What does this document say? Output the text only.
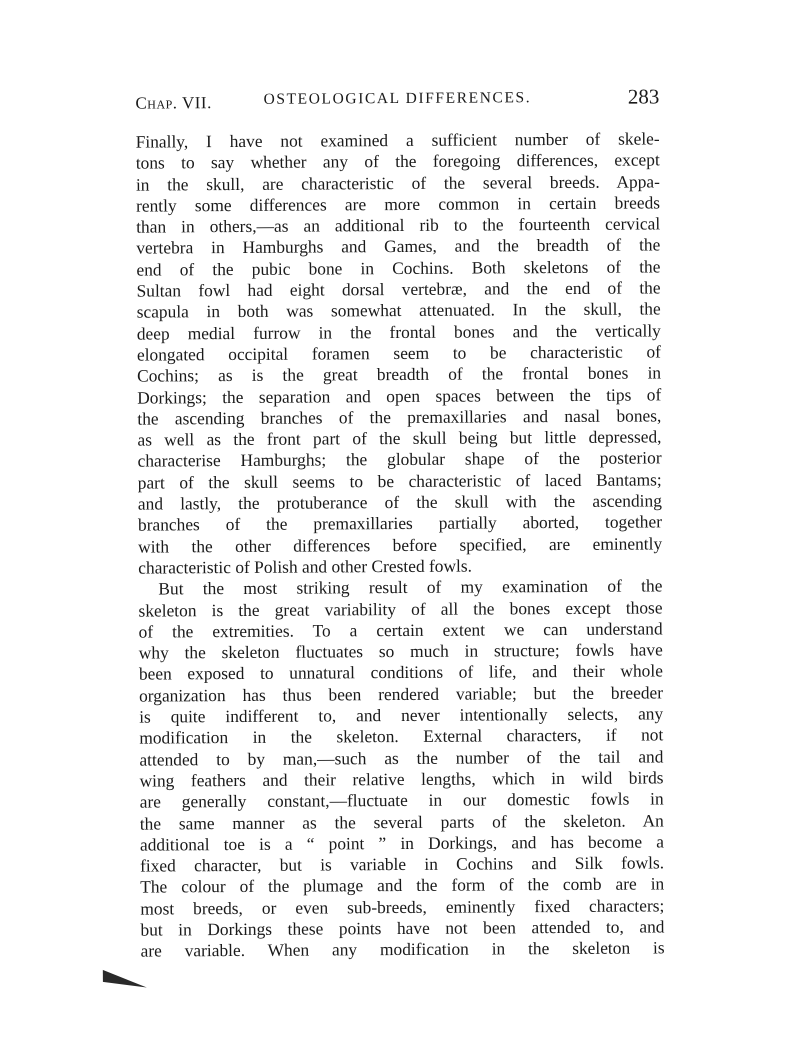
Chap. VII.	OSTEOLOGICAL DIFFERENCES.	283
Finally, I have not examined a sufficient number of skele-
tons to say whether any of the foregoing differences, except
in the skull, are characteristic of the several breeds. Appa-
rently some differences are more common in certain breeds
than in others,—as an additional rib to the fourteenth cervical
vertebra in Hamburghs and Games, and the breadth of the
end of the pubic bone in Cochins. Both skeletons of the
Sultan fowl had eight dorsal vertebræ, and the end of the
scapula in both was somewhat attenuated. In the skull, the
deep medial furrow in the frontal bones and the vertically
elongated occipital foramen seem to be characteristic of
Cochins; as is the great breadth of the frontal bones in
Dorkings; the separation and open spaces between the tips of
the ascending branches of the premaxillaries and nasal bones,
as well as the front part of the skull being but little depressed,
characterise Hamburghs; the globular shape of the posterior
part of the skull seems to be characteristic of laced Bantams;
and lastly, the protuberance of the skull with the ascending
branches of the premaxillaries partially aborted, together
with the other differences before specified, are eminently
characteristic of Polish and other Crested fowls.
But the most striking result of my examination of the
skeleton is the great variability of all the bones except those
of the extremities. To a certain extent we can understand
why the skeleton fluctuates so much in structure; fowls have
been exposed to unnatural conditions of life, and their whole
organization has thus been rendered variable; but the breeder
is quite indifferent to, and never intentionally selects, any
modification in the skeleton. External characters, if not
attended to by man,—such as the number of the tail and
wing feathers and their relative lengths, which in wild birds
are generally constant,—fluctuate in our domestic fowls in
the same manner as the several parts of the skeleton. An
additional toe is a “ point ” in Dorkings, and has become a
fixed character, but is variable in Cochins and Silk fowls.
The colour of the plumage and the form of the comb are in
most breeds, or even sub-breeds, eminently fixed characters;
but in Dorkings these points have not been attended to, and
are variable. When any modification in the skeleton is
